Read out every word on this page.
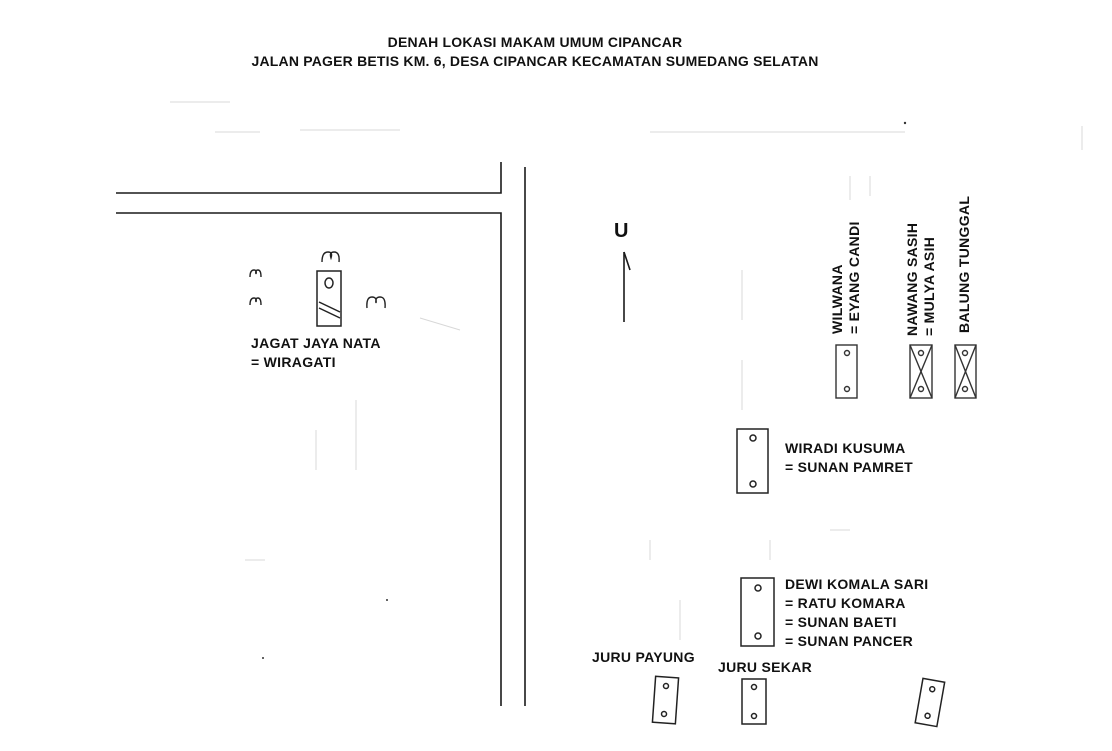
DENAH LOKASI MAKAM UMUM CIPANCAR
JALAN PAGER BETIS KM. 6, DESA CIPANCAR KECAMATAN SUMEDANG SELATAN
U
JAGAT JAYA NATA
= WIRAGATI
WIRADI KUSUMA
= SUNAN PAMRET
DEWI KOMALA SARI
= RATU KOMARA
= SUNAN BAETI
= SUNAN PANCER
JURU PAYUNG
JURU SEKAR
WILWANA = EYANG CANDI	NAWANG SASIH = MULYA ASIH BALUNG TUNGGAL
